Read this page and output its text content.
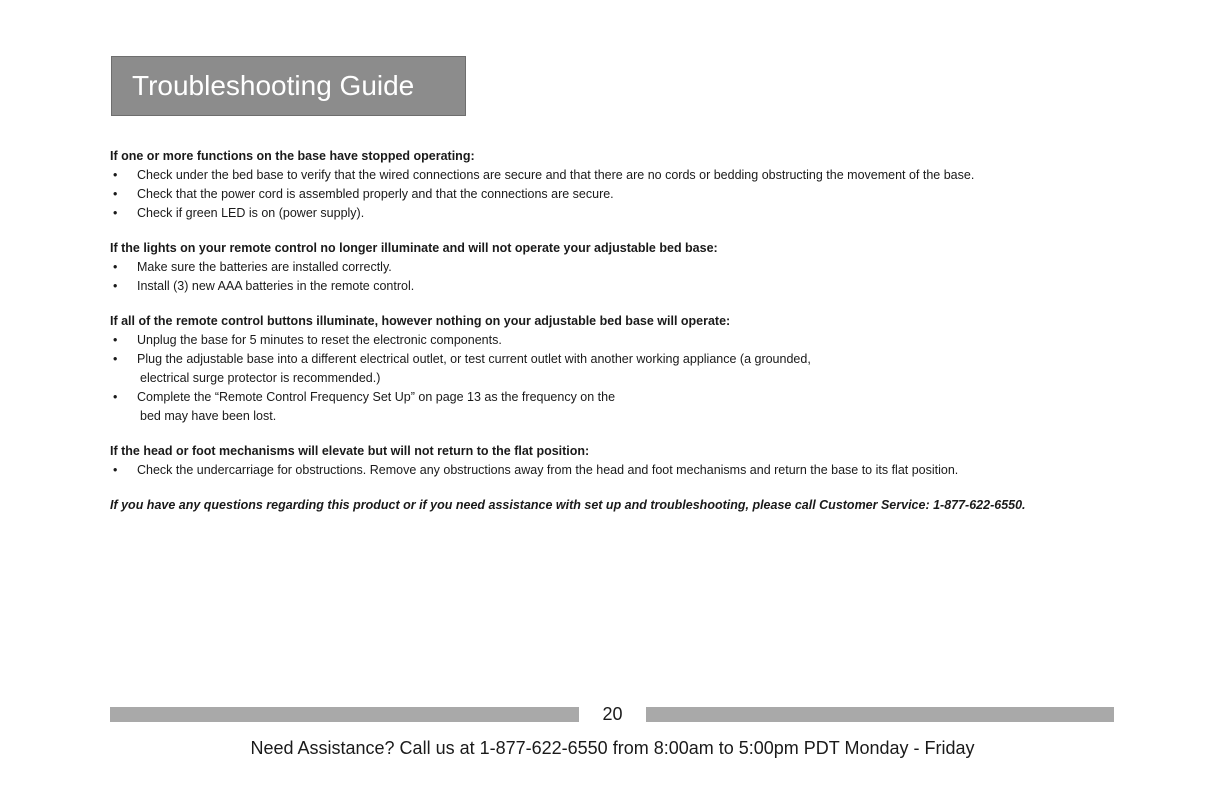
Troubleshooting Guide
If one or more functions on the base have stopped operating:
• Check under the bed base to verify that the wired connections are secure and that there are no cords or bedding obstructing the movement of the base.
• Check that the power cord is assembled properly and that the connections are secure.
• Check if green LED is on (power supply).
If the lights on your remote control no longer illuminate and will not operate your adjustable bed base:
• Make sure the batteries are installed correctly.
• Install (3) new AAA batteries in the remote control.
If all of the remote control buttons illuminate, however nothing on your adjustable bed base will operate:
• Unplug the base for 5 minutes to reset the electronic components.
• Plug the adjustable base into a different electrical outlet, or test current outlet with another working appliance (a grounded,
electrical surge protector is recommended.)
• Complete the “Remote Control Frequency Set Up” on page 13 as the frequency on the
bed may have been lost.
If the head or foot mechanisms will elevate but will not return to the flat position:
• Check the undercarriage for obstructions. Remove any obstructions away from the head and foot mechanisms and return the base to its flat position.
If you have any questions regarding this product or if you need assistance with set up and troubleshooting, please call Customer Service: 1-877-622-6550.
20
Need Assistance? Call us at 1-877-622-6550 from 8:00am to 5:00pm PDT Monday - Friday
